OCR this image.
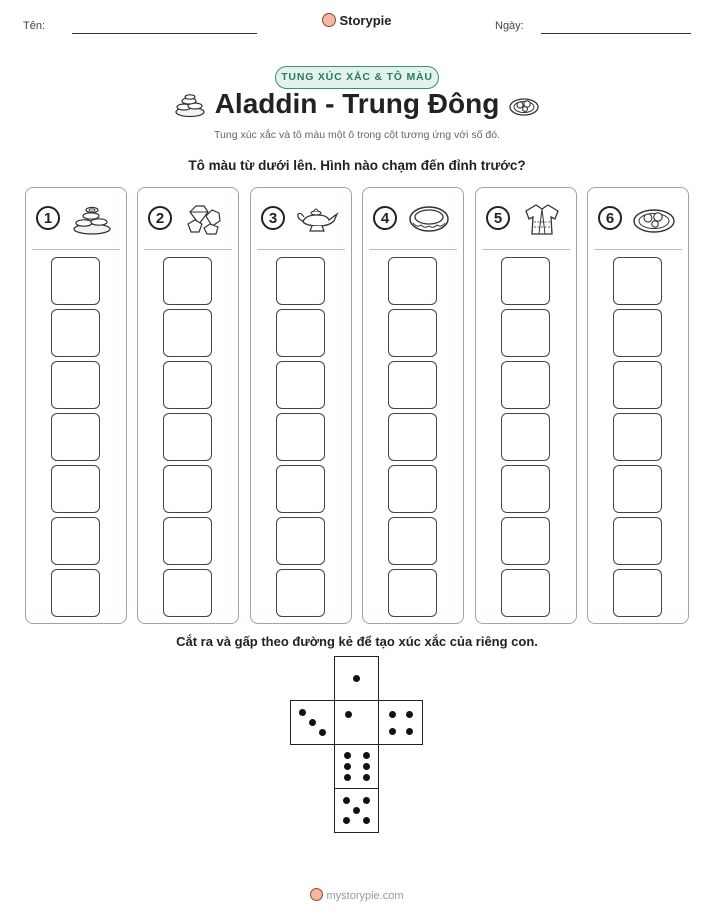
Tên:	Storypie	Ngày:
TUNG XÚC XẮC & TÔ MÀU
Aladdin - Trung Đông
Tung xúc xắc và tô màu một ô trong cột tương ứng với số đó.
Tô màu từ dưới lên. Hình nào chạm đến đỉnh trước?
1	2	3	4	5	6
Cắt ra và gấp theo đường kẻ để tạo xúc xắc của riêng con.
mystorypie.com
